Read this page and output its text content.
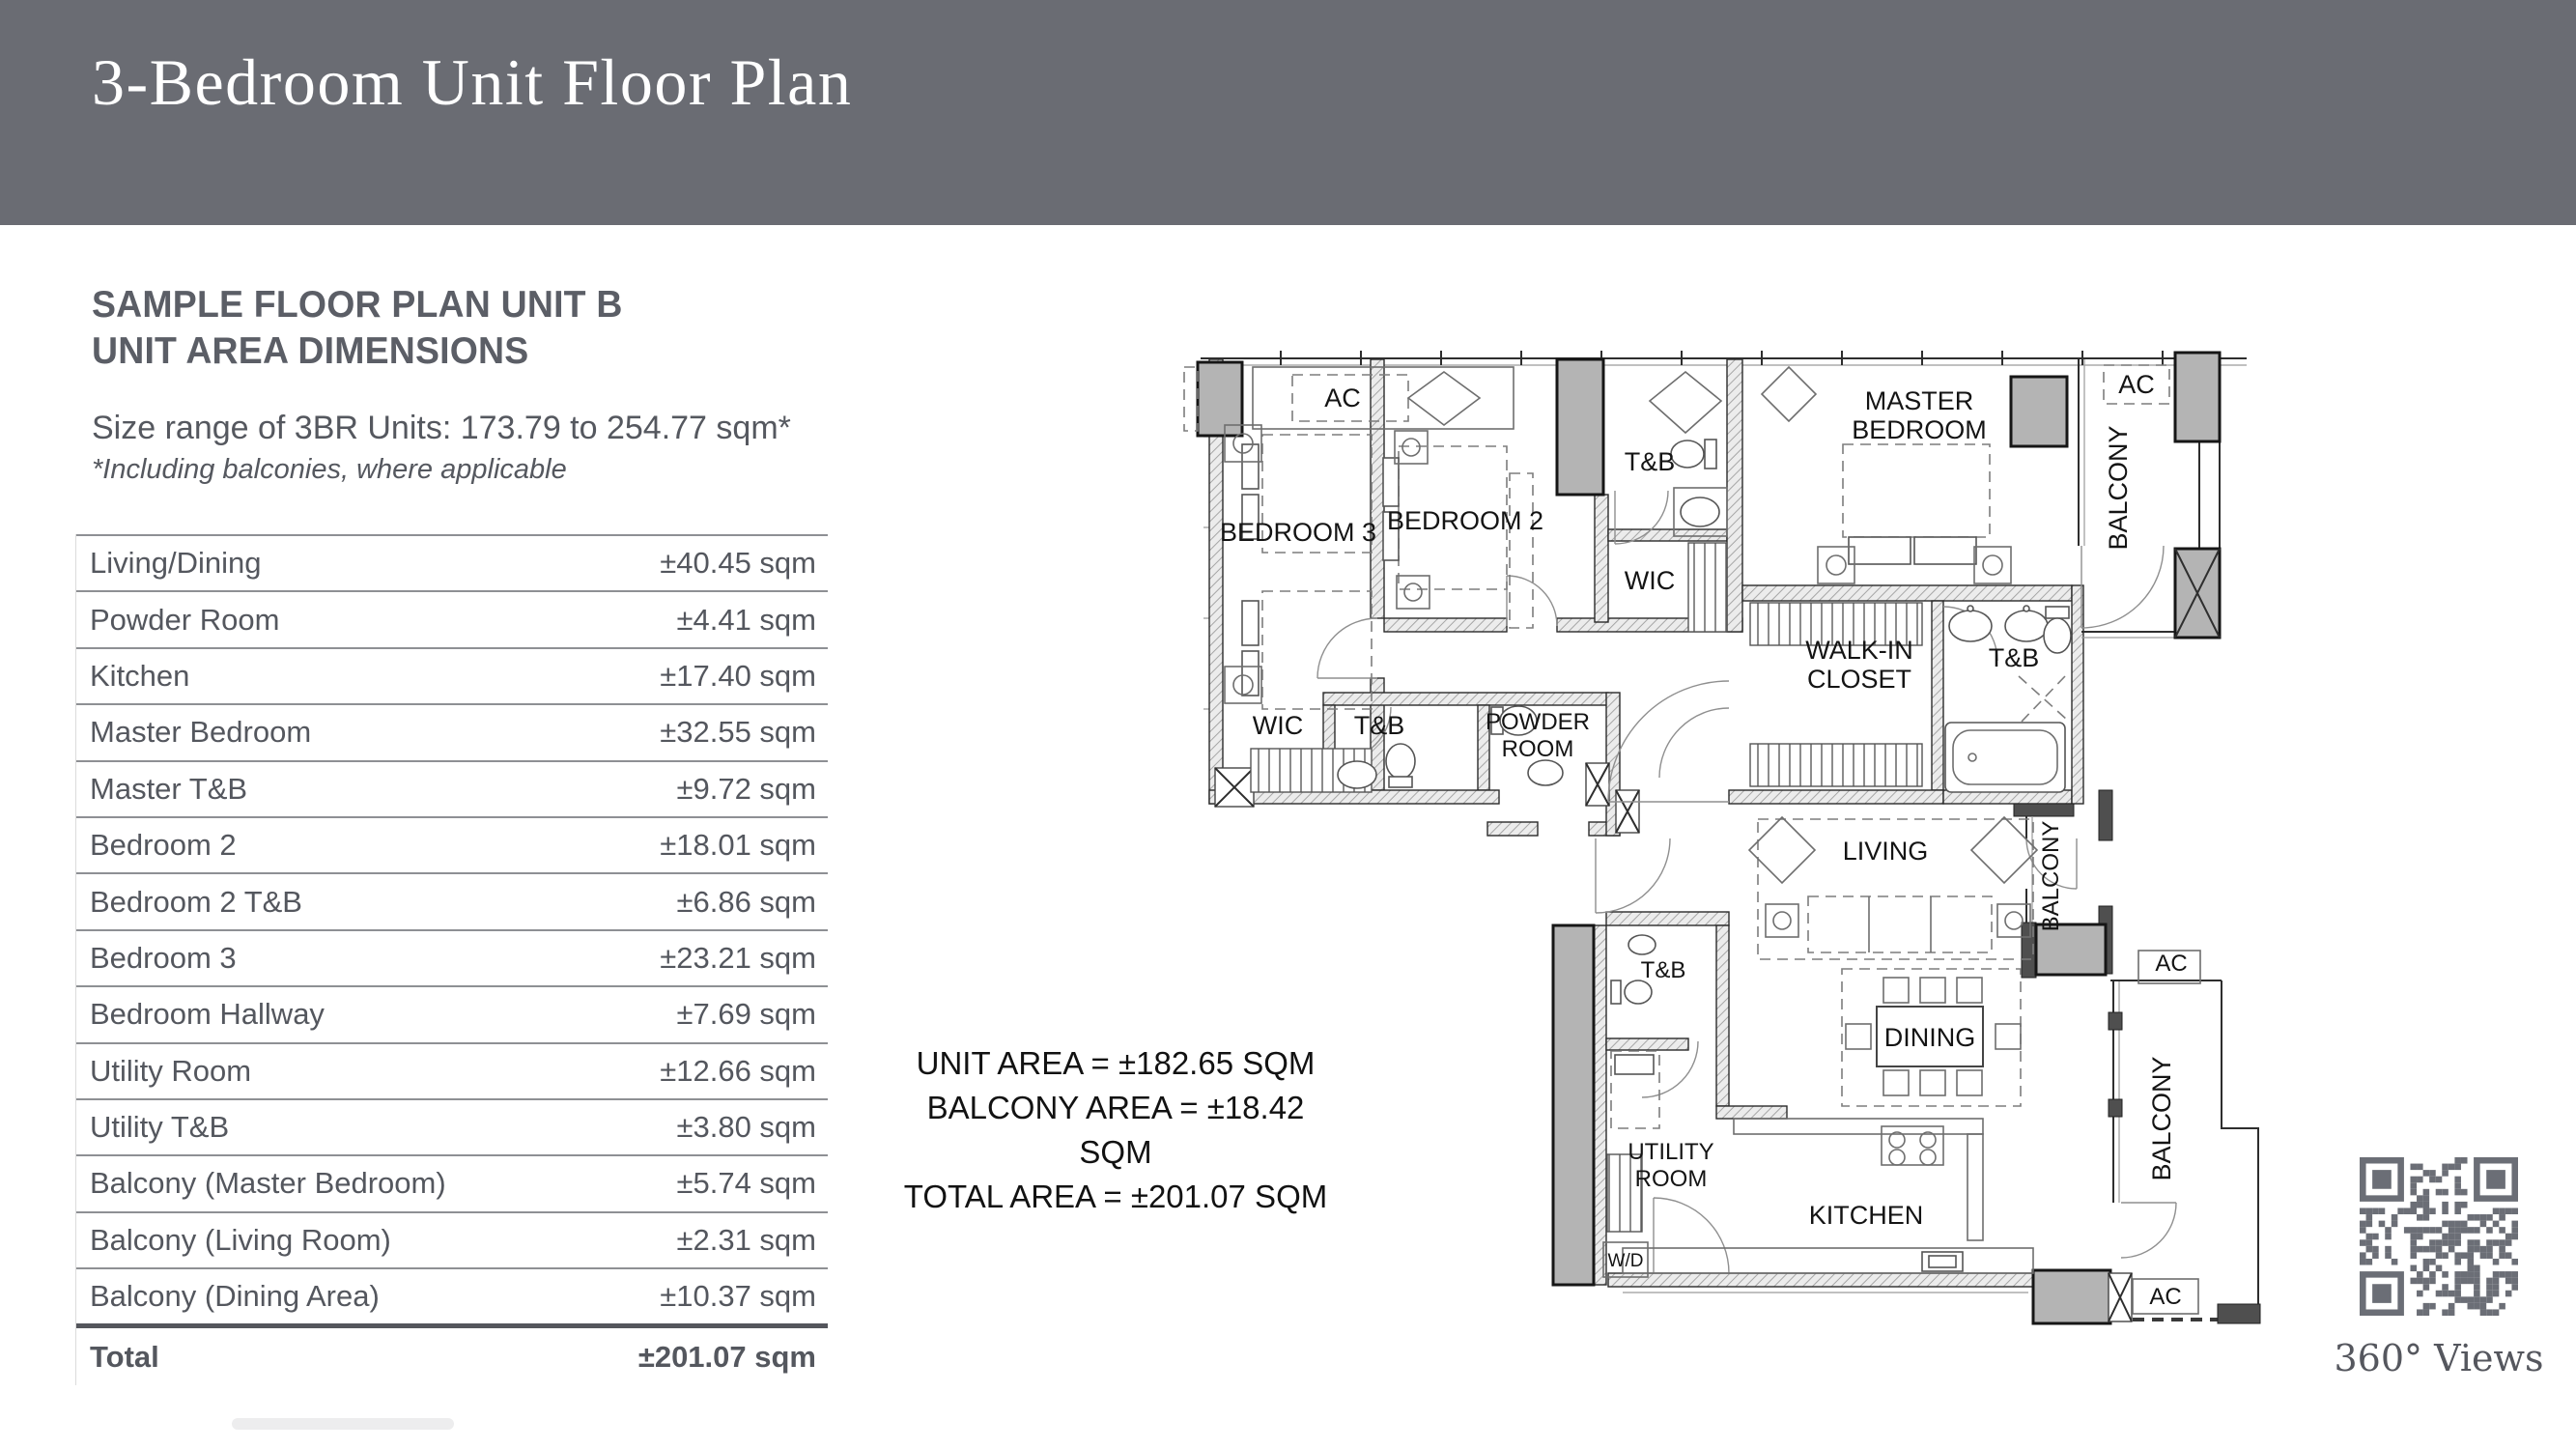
3-Bedroom Unit Floor Plan
SAMPLE FLOOR PLAN UNIT B
UNIT AREA DIMENSIONS
Size range of 3BR Units: 173.79 to 254.77 sqm*
*Including balconies, where applicable
Living/Dining	±40.45 sqm
Powder Room	±4.41 sqm
Kitchen	±17.40 sqm
Master Bedroom	±32.55 sqm
Master T&B	±9.72 sqm
Bedroom 2	±18.01 sqm
Bedroom 2 T&B	±6.86 sqm
Bedroom 3	±23.21 sqm
Bedroom Hallway	±7.69 sqm
Utility Room	±12.66 sqm
Utility T&B	±3.80 sqm
Balcony (Master Bedroom)	±5.74 sqm
Balcony (Living Room)	±2.31 sqm
Balcony (Dining Area)	±10.37 sqm
Total	±201.07 sqm
UNIT AREA = ±182.65 SQM
BALCONY AREA = ±18.42 SQM
TOTAL AREA = ±201.07 SQM
BEDROOM 3 BEDROOM 2
T&B
WIC
MASTER
BEDROOM	BALCONY
AC	AC
WALK-IN
CLOSET
T&B
WIC T&B	POWDER
ROOM
LIVING	BALCONY
AC
DINING
BALCONY
KITCHEN
UTILITY
ROOM
T&B
W/D
AC
360° Views
